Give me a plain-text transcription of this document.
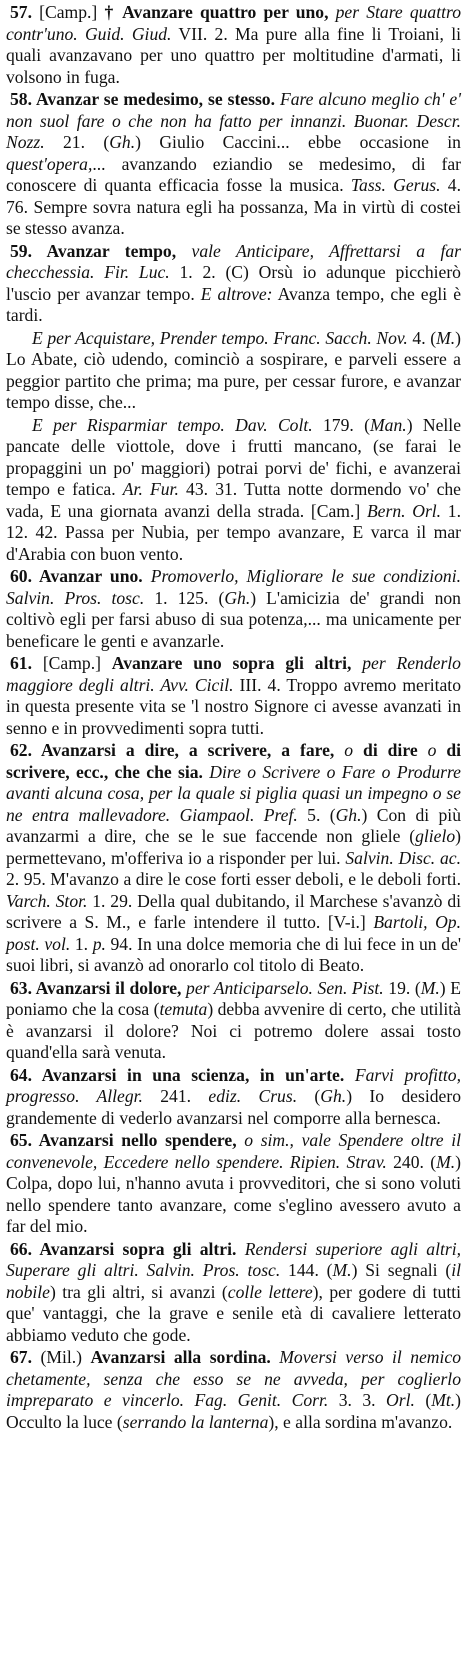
57. [Camp.] † Avanzare quattro per uno, per Stare quattro contr'uno. Guid. Giud. VII. 2. Ma pure alla fine li Troiani, li quali avanzavano per uno quattro per moltitudine d'armati, li volsono in fuga.

58. Avanzar se medesimo, se stesso. Fare alcuno meglio ch' e' non suol fare o che non ha fatto per innanzi. Buonar. Descr. Nozz. 21. (Gh.) Giulio Caccini... ebbe occasione in quest'opera,... avanzando eziandio se medesimo, di far conoscere di quanta efficacia fosse la musica. Tass. Gerus. 4. 76. Sempre sovra natura egli ha possanza, Ma in virtù di costei se stesso avanza.

59. Avanzar tempo, vale Anticipare, Affrettarsi a far checchessia. Fir. Luc. 1. 2. (C) Orsù io adunque picchierò l'uscio per avanzar tempo. E altrove: Avanza tempo, che egli è tardi.

E per Acquistare, Prender tempo. Franc. Sacch. Nov. 4. (M.) Lo Abate, ciò udendo, cominciò a sospirare, e parveli essere a peggior partito che prima; ma pure, per cessar furore, e avanzar tempo disse, che...

E per Risparmiar tempo. Dav. Colt. 179. (Man.) Nelle pancate delle viottole, dove i frutti mancano, (se farai le propaggini un po' maggiori) potrai porvi de' fichi, e avanzerai tempo e fatica. Ar. Fur. 43. 31. Tutta notte dormendo vo' che vada, E una giornata avanzi della strada. [Cam.] Bern. Orl. 1. 12. 42. Passa per Nubia, per tempo avanzare, E varca il mar d'Arabia con buon vento.

60. Avanzar uno. Promoverlo, Migliorare le sue condizioni. Salvin. Pros. tosc. 1. 125. (Gh.) L'amicizia de' grandi non coltivò egli per farsi abuso di sua potenza,... ma unicamente per beneficare le genti e avanzarle.

61. [Camp.] Avanzare uno sopra gli altri, per Renderlo maggiore degli altri. Avv. Cicil. III. 4. Troppo avremo meritato in questa presente vita se 'l nostro Signore ci avesse avanzati in senno e in provvedimenti sopra tutti.

62. Avanzarsi a dire, a scrivere, a fare, o di dire o di scrivere, ecc., che che sia. Dire o Scrivere o Fare o Produrre avanti alcuna cosa, per la quale si piglia quasi un impegno o se ne entra mallevadore. Giampaol. Pref. 5. (Gh.) Con di più avanzarmi a dire, che se le sue faccende non gliele (glielo) permettevano, m'offeriva io a risponder per lui. Salvin. Disc. ac. 2. 95. M'avanzo a dire le cose forti esser deboli, e le deboli forti. Varch. Stor. 1. 29. Della qual dubitando, il Marchese s'avanzò di scrivere a S. M., e farle intendere il tutto. [V-i.] Bartoli, Op. post. vol. 1. p. 94. In una dolce memoria che di lui fece in un de' suoi libri, si avanzò ad onorarlo col titolo di Beato.

63. Avanzarsi il dolore, per Anticiparselo. Sen. Pist. 19. (M.) E poniamo che la cosa (temuta) debba avvenire di certo, che utilità è avanzarsi il dolore? Noi ci potremo dolere assai tosto quand'ella sarà venuta.

64. Avanzarsi in una scienza, in un'arte. Farvi profitto, progresso. Allegr. 241. ediz. Crus. (Gh.) Io desidero grandemente di vederlo avanzarsi nel comporre alla bernesca.

65. Avanzarsi nello spendere, o sim., vale Spendere oltre il convenevole, Eccedere nello spendere. Ripien. Strav. 240. (M.) Colpa, dopo lui, n'hanno avuta i provveditori, che si sono voluti nello spendere tanto avanzare, come s'eglino avessero avuto a far del mio.

66. Avanzarsi sopra gli altri. Rendersi superiore agli altri, Superare gli altri. Salvin. Pros. tosc. 144. (M.) Si segnali (il nobile) tra gli altri, si avanzi (colle lettere), per godere di tutti que' vantaggi, che la grave e senile età di cavaliere letterato abbiamo veduto che gode.

67. (Mil.) Avanzarsi alla sordina. Moversi verso il nemico chetamente, senza che esso se ne avveda, per coglierlo impreparato e vincerlo. Fag. Genit. Corr. 3. 3. Orl. (Mt.) Occulto la luce (serrando la lanterna), e alla sordina m'avanzo.
